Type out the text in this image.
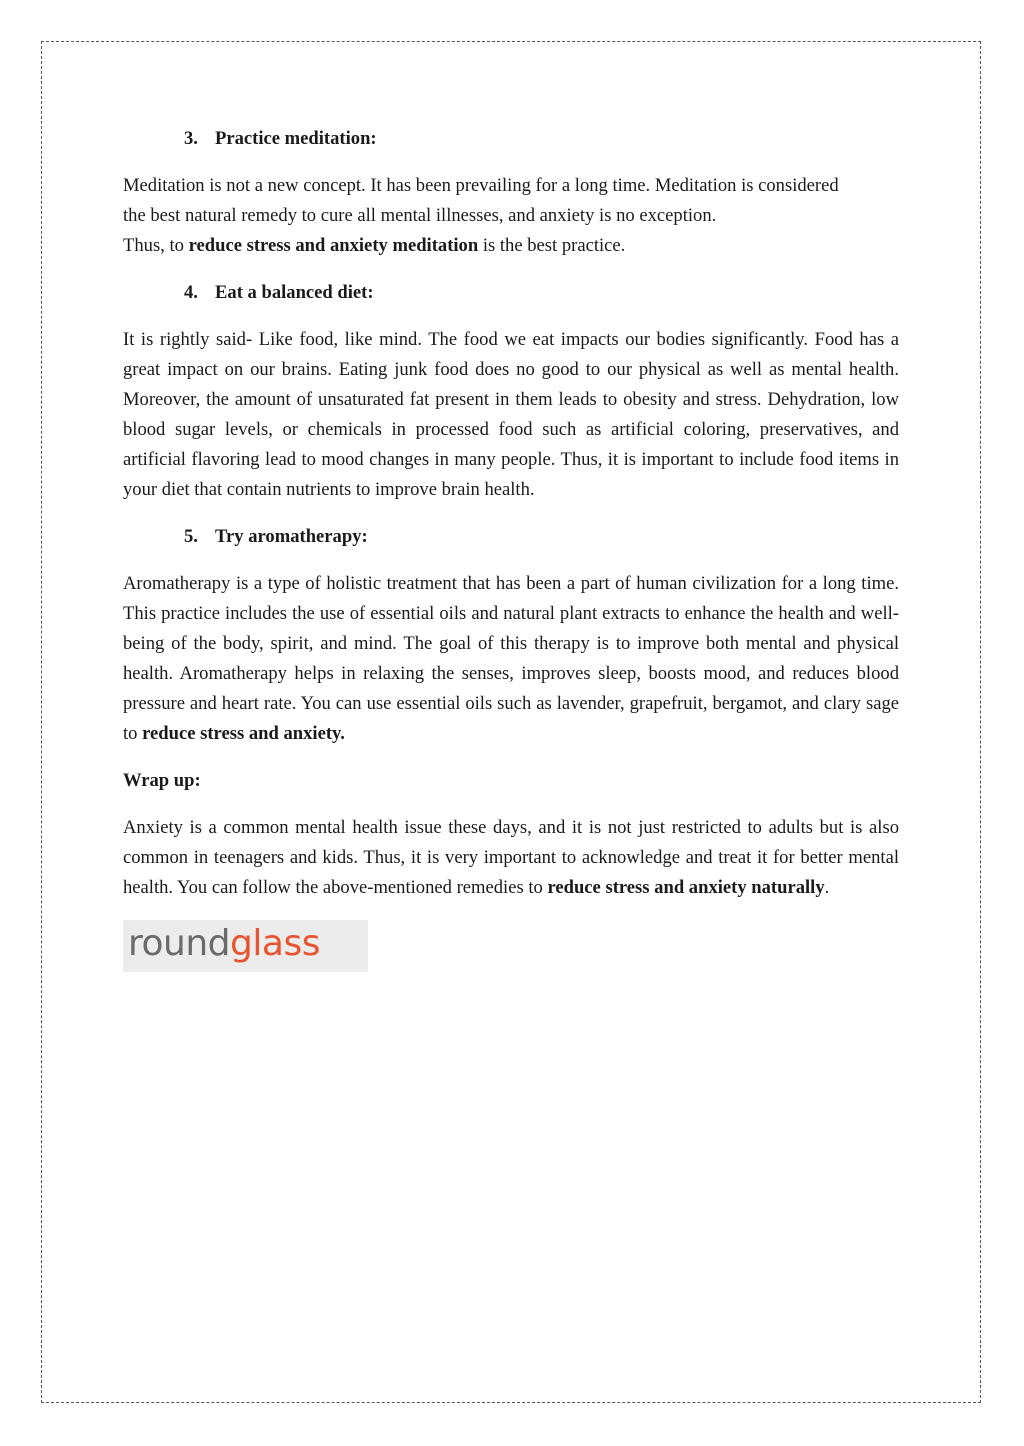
3. Practice meditation:

Meditation is not a new concept. It has been prevailing for a long time. Meditation is considered
the best natural remedy to cure all mental illnesses, and anxiety is no exception.
Thus, to reduce stress and anxiety meditation is the best practice.

4. Eat a balanced diet:

It is rightly said- Like food, like mind. The food we eat impacts our bodies significantly. Food has a great impact on our brains. Eating junk food does no good to our physical as well as mental health. Moreover, the amount of unsaturated fat present in them leads to obesity and stress. Dehydration, low blood sugar levels, or chemicals in processed food such as artificial coloring, preservatives, and artificial flavoring lead to mood changes in many people. Thus, it is important to include food items in your diet that contain nutrients to improve brain health.

5. Try aromatherapy:

Aromatherapy is a type of holistic treatment that has been a part of human civilization for a long time. This practice includes the use of essential oils and natural plant extracts to enhance the health and well-being of the body, spirit, and mind. The goal of this therapy is to improve both mental and physical health. Aromatherapy helps in relaxing the senses, improves sleep, boosts mood, and reduces blood pressure and heart rate. You can use essential oils such as lavender, grapefruit, bergamot, and clary sage to reduce stress and anxiety.

Wrap up:

Anxiety is a common mental health issue these days, and it is not just restricted to adults but is also common in teenagers and kids. Thus, it is very important to acknowledge and treat it for better mental health. You can follow the above-mentioned remedies to reduce stress and anxiety naturally.

roundglass
